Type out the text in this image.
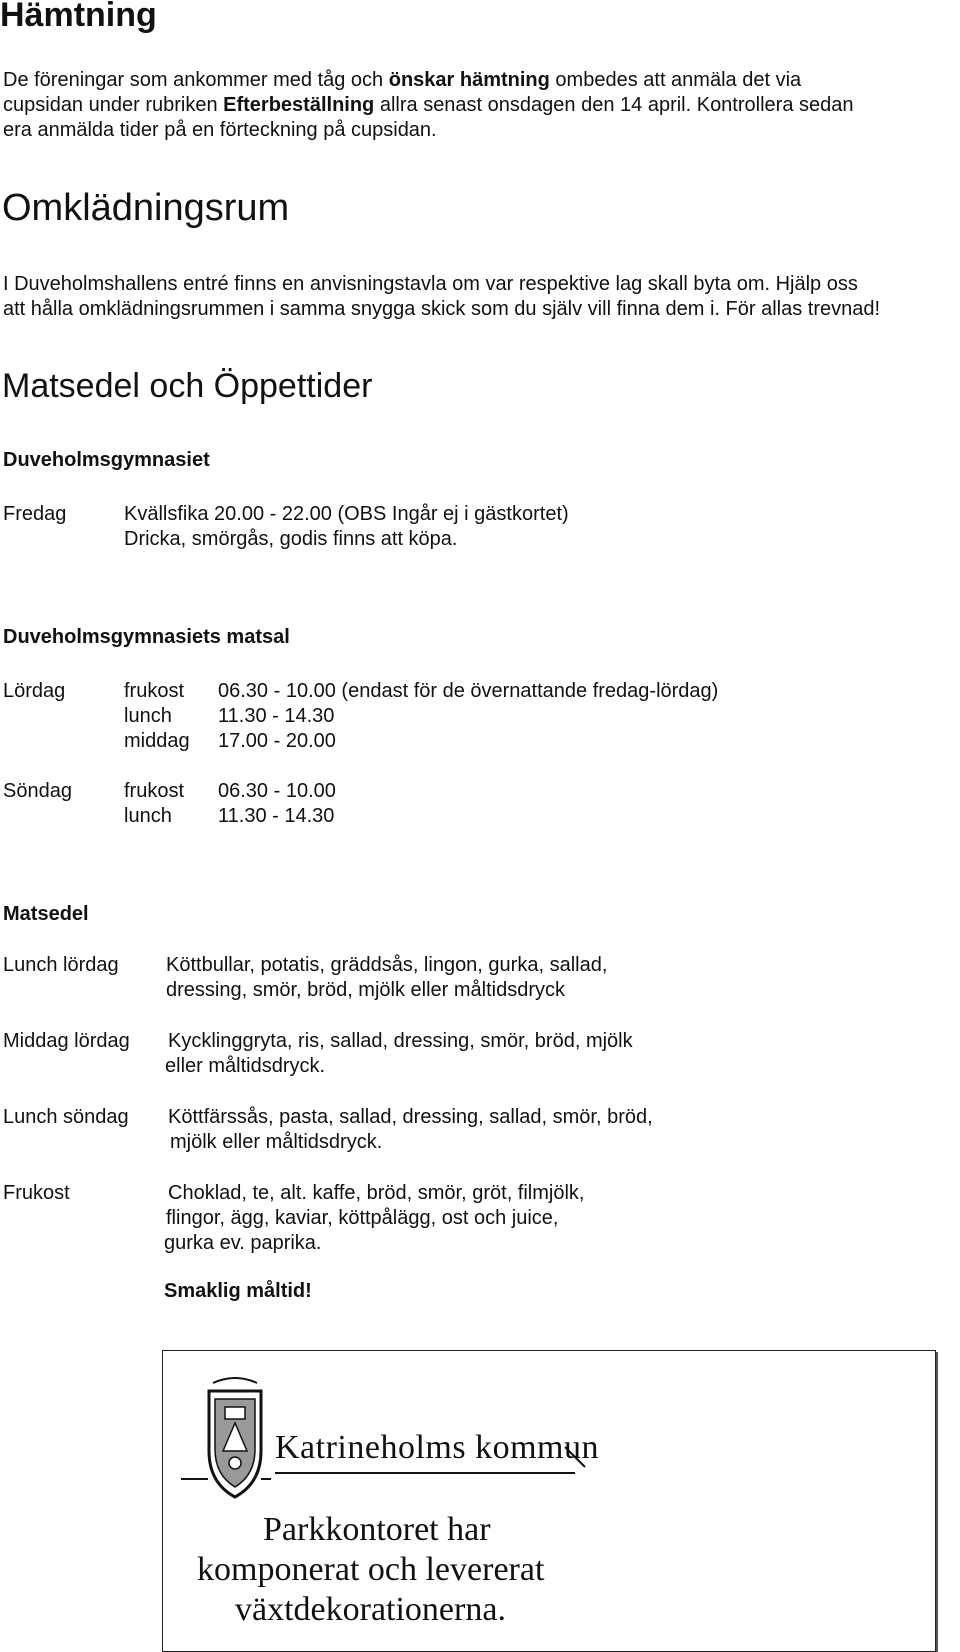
Hämtning
De föreningar som ankommer med tåg och önskar hämtning ombedes att anmäla det via
cupsidan under rubriken Efterbeställning allra senast onsdagen den 14 april. Kontrollera sedan
era anmälda tider på en förteckning på cupsidan.
Omklädningsrum
I Duveholmshallens entré finns en anvisningstavla om var respektive lag skall byta om. Hjälp oss
att hålla omklädningsrummen i samma snygga skick som du själv vill finna dem i. För allas trevnad!
Matsedel och Öppettider
Duveholmsgymnasiet
Fredag	Kvällsfika 20.00 - 22.00 (OBS Ingår ej i gästkortet)
Dricka, smörgås, godis finns att köpa.
Duveholmsgymnasiets matsal
Lördag	frukost 06.30 - 10.00 (endast för de övernattande fredag-lördag)
lunch 11.30 - 14.30
middag 17.00 - 20.00
Söndag	frukost 06.30 - 10.00
lunch 11.30 - 14.30
Matsedel
Lunch lördag Köttbullar, potatis, gräddsås, lingon, gurka, sallad,
dressing, smör, bröd, mjölk eller måltidsdryck
Middag lördag Kycklinggryta, ris, sallad, dressing, smör, bröd, mjölk
eller måltidsdryck.
Lunch söndag Köttfärssås, pasta, sallad, dressing, sallad, smör, bröd,
mjölk eller måltidsdryck.
Frukost	Choklad, te, alt. kaffe, bröd, smör, gröt, filmjölk,
flingor, ägg, kaviar, köttpålägg, ost och juice,
gurka ev. paprika.
Smaklig måltid!
Katrineholms kommun
Parkkontoret har
komponerat och levererat
växtdekorationerna.
